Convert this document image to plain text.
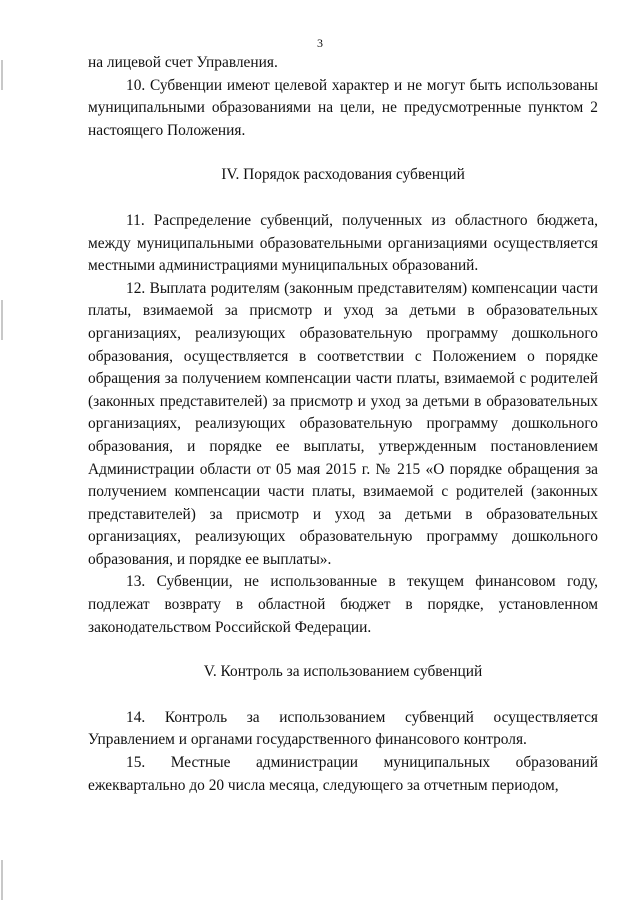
3

на лицевой счет Управления.

10. Субвенции имеют целевой характер и не могут быть использованы муниципальными образованиями на цели, не предусмотренные пунктом 2 настоящего Положения.

IV. Порядок расходования субвенций

11. Распределение субвенций, полученных из областного бюджета, между муниципальными образовательными организациями осуществляется местными администрациями муниципальных образований.

12. Выплата родителям (законным представителям) компенсации части платы, взимаемой за присмотр и уход за детьми в образовательных организациях, реализующих образовательную программу дошкольного образования, осуществляется в соответствии с Положением о порядке обращения за получением компенсации части платы, взимаемой с родителей (законных представителей) за присмотр и уход за детьми в образовательных организациях, реализующих образовательную программу дошкольного образования, и порядке ее выплаты, утвержденным постановлением Администрации области от 05 мая 2015 г. № 215 «О порядке обращения за получением компенсации части платы, взимаемой с родителей (законных представителей) за присмотр и уход за детьми в образовательных организациях, реализующих образовательную программу дошкольного образования, и порядке ее выплаты».

13. Субвенции, не использованные в текущем финансовом году, подлежат возврату в областной бюджет в порядке, установленном законодательством Российской Федерации.

V. Контроль за использованием субвенций

14. Контроль за использованием субвенций осуществляется Управлением и органами государственного финансового контроля.

15. Местные администрации муниципальных образований ежеквартально до 20 числа месяца, следующего за отчетным периодом,
